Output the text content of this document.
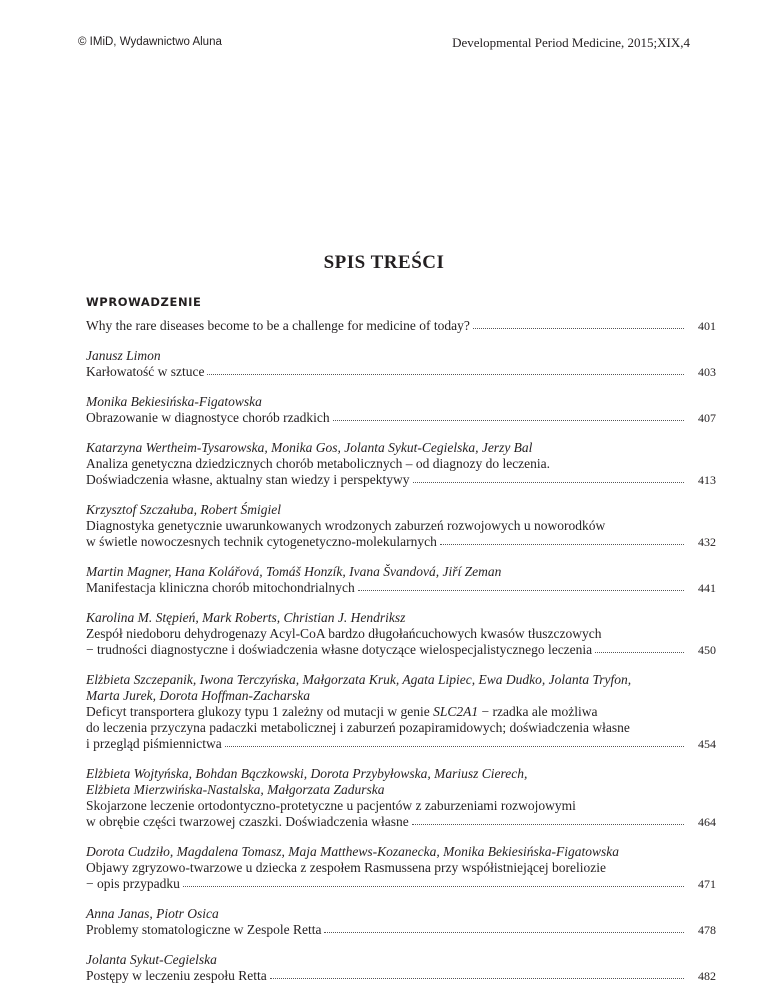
© IMiD, Wydawnictwo Aluna	Developmental Period Medicine, 2015;XIX,4
SPIS TREŚCI
WPROWADZENIE
Why the rare diseases become to be a challenge for medicine of today?	401
Janusz Limon
Karłowatość w sztuce	403
Monika Bekiesińska-Figatowska
Obrazowanie w diagnostyce chorób rzadkich	407
Katarzyna Wertheim-Tysarowska, Monika Gos, Jolanta Sykut-Cegielska, Jerzy Bal
Analiza genetyczna dziedzicznych chorób metabolicznych – od diagnozy do leczenia.
Doświadczenia własne, aktualny stan wiedzy i perspektywy	413
Krzysztof Szczałuba, Robert Śmigiel
Diagnostyka genetycznie uwarunkowanych wrodzonych zaburzeń rozwojowych u noworodków
w świetle nowoczesnych technik cytogenetyczno-molekularnych	432
Martin Magner, Hana Kolářová, Tomáš Honzík, Ivana Švandová, Jiří Zeman
Manifestacja kliniczna chorób mitochondrialnych	441
Karolina M. Stępień, Mark Roberts, Christian J. Hendriksz
Zespół niedoboru dehydrogenazy Acyl-CoA bardzo długołańcuchowych kwasów tłuszczowych
− trudności diagnostyczne i doświadczenia własne dotyczące wielospecjalistycznego leczenia	450
Elżbieta Szczepanik, Iwona Terczyńska, Małgorzata Kruk, Agata Lipiec, Ewa Dudko, Jolanta Tryfon,
Marta Jurek, Dorota Hoffman-Zacharska
Deficyt transportera glukozy typu 1 zależny od mutacji w genie SLC2A1 − rzadka ale możliwa
do leczenia przyczyna padaczki metabolicznej i zaburzeń pozapiramidowych; doświadczenia własne
i przegląd piśmiennictwa	454
Elżbieta Wojtyńska, Bohdan Bączkowski, Dorota Przybyłowska, Mariusz Cierech,
Elżbieta Mierzwińska-Nastalska, Małgorzata Zadurska
Skojarzone leczenie ortodontyczno-protetyczne u pacjentów z zaburzeniami rozwojowymi
w obrębie części twarzowej czaszki. Doświadczenia własne	464
Dorota Cudziło, Magdalena Tomasz, Maja Matthews-Kozanecka, Monika Bekiesińska-Figatowska
Objawy zgryzowo-twarzowe u dziecka z zespołem Rasmussena przy współistniejącej boreliozie
− opis przypadku	471
Anna Janas, Piotr Osica
Problemy stomatologiczne w Zespole Retta	478
Jolanta Sykut-Cegielska
Postępy w leczeniu zespołu Retta	482
